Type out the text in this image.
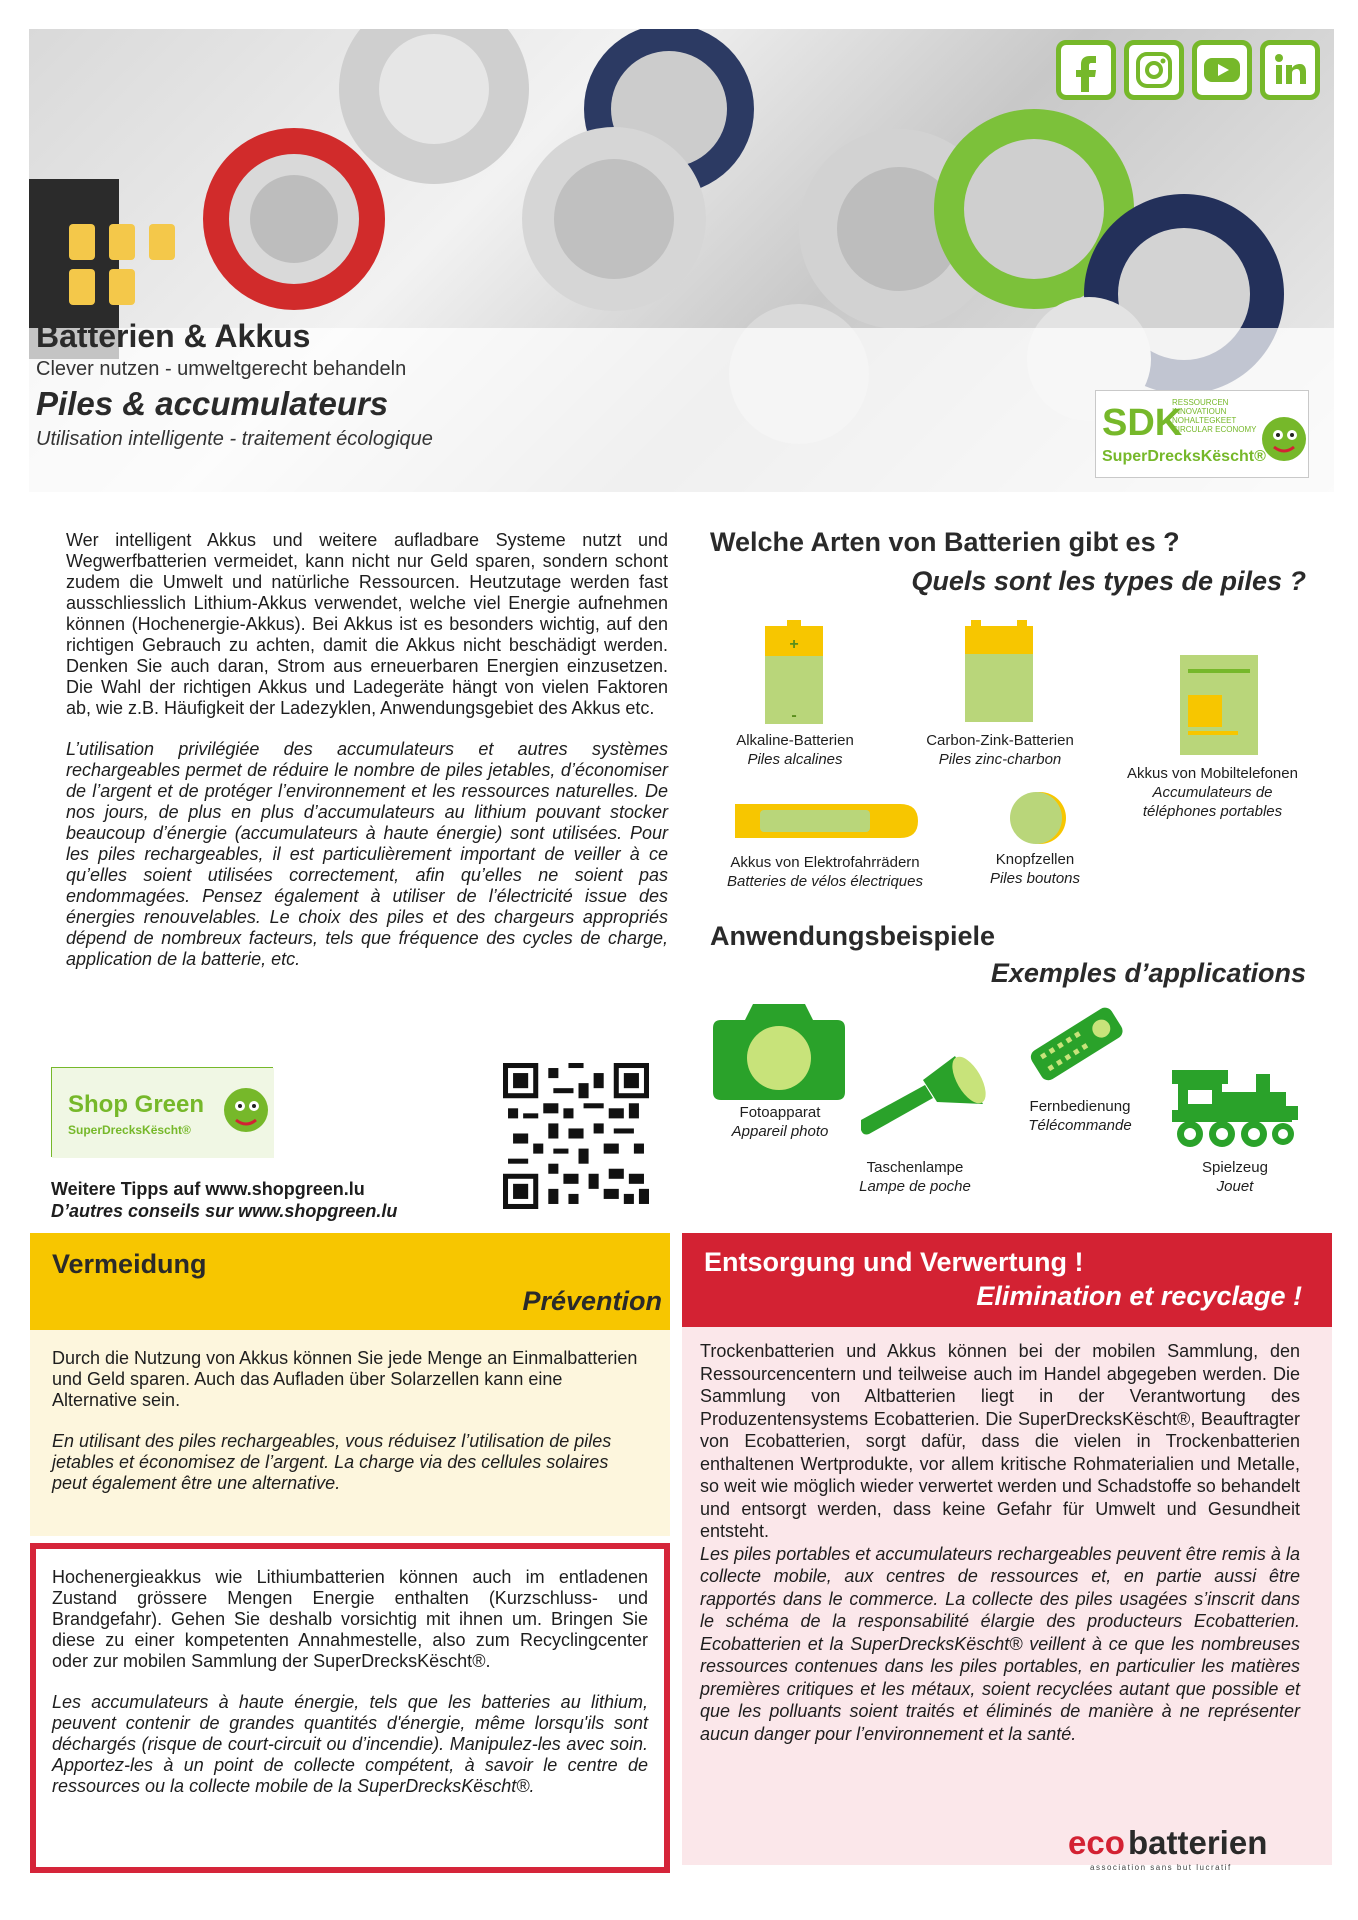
Batterien & Akkus
Clever nutzen - umweltgerecht behandeln
Piles & accumulateurs
Utilisation intelligente - traitement écologique	SDK
RESSOURCEN
INNOVATIOUN
NOHALTEGKEET
CIRCULAR ECONOMY
SuperDrecksKëscht®

Wer intelligent Akkus und weitere aufladbare Systeme nutzt und Wegwerfbatterien vermeidet, kann nicht nur Geld sparen, sondern schont zudem die Umwelt und natürliche Ressourcen. Heutzutage werden fast ausschliesslich Lithium-Akkus verwendet, welche viel Energie aufnehmen können (Hochenergie-Akkus). Bei Akkus ist es besonders wichtig, auf den richtigen Gebrauch zu achten, damit die Akkus nicht beschädigt werden. Denken Sie auch daran, Strom aus erneuerbaren Energien einzusetzen. Die Wahl der richtigen Akkus und Ladegeräte hängt von vielen Faktoren ab, wie z.B. Häufigkeit der Ladezyklen, Anwendungsgebiet des Akkus etc.

L’utilisation privilégiée des accumulateurs et autres systèmes rechargeables permet de réduire le nombre de piles jetables, d’économiser de l’argent et de protéger l’environnement et les ressources naturelles. De nos jours, de plus en plus d’accumulateurs au lithium pouvant stocker beaucoup d’énergie (accumulateurs à haute énergie) sont utilisées. Pour les piles rechargeables, il est particulièrement important de veiller à ce qu’elles soient utilisées correctement, afin qu’elles ne soient pas endommagées. Pensez également à utiliser de l’électricité issue des énergies renouvelables. Le choix des piles et des chargeurs appropriés dépend de nombreux facteurs, tels que fréquence des cycles de charge, application de la batterie, etc.

Shop Green
SuperDrecksKëscht®
Weitere Tipps auf www.shopgreen.lu
D’autres conseils sur www.shopgreen.lu
Welche Arten von Batterien gibt es ?
Quels sont les types de piles ?
+
-
Alkaline-Batterien
Piles alcalines
Carbon-Zink-Batterien
Piles zinc-charbon
Akkus von Mobiltelefonen
Accumulateurs de téléphones portables
Akkus von Elektrofahrrädern
Batteries de vélos électriques
Knopfzellen
Piles boutons
Anwendungsbeispiele
Exemples d’applications
Fotoapparat
Appareil photo
Taschenlampe
Lampe de poche
Fernbedienung
Télécommande
Spielzeug
Jouet
Vermeidung
Prévention

Durch die Nutzung von Akkus können Sie jede Menge an Einmalbatterien und Geld sparen. Auch das Aufladen über Solarzellen kann eine Alternative sein.

En utilisant des piles rechargeables, vous réduisez l’utilisation de piles jetables et économisez de l’argent. La charge via des cellules solaires peut également être une alternative.

Hochenergieakkus wie Lithiumbatterien können auch im entladenen Zustand grössere Mengen Energie enthalten (Kurzschluss- und Brandgefahr). Gehen Sie deshalb vorsichtig mit ihnen um. Bringen Sie diese zu einer kompetenten Annahmestelle, also zum Recyclingcenter oder zur mobilen Sammlung der SuperDrecksKëscht®.

Les accumulateurs à haute énergie, tels que les batteries au lithium, peuvent contenir de grandes quantités d'énergie, même lorsqu'ils sont déchargés (risque de court-circuit ou d’incendie). Manipulez-les avec soin. Apportez-les à un point de collecte compétent, à savoir le centre de ressources ou la collecte mobile de la SuperDrecksKëscht®.

Entsorgung und Verwertung !
Elimination et recyclage !

Trockenbatterien und Akkus können bei der mobilen Sammlung, den Ressourcencentern und teilweise auch im Handel abgegeben werden. Die Sammlung von Altbatterien liegt in der Verantwortung des Produzentensystems Ecobatterien. Die SuperDrecksKëscht®, Beauftragter von Ecobatterien, sorgt dafür, dass die vielen in Trockenbatterien enthaltenen Wertprodukte, vor allem kritische Rohmaterialien und Metalle, so weit wie möglich wieder verwertet werden und Schadstoffe so behandelt und entsorgt werden, dass keine Gefahr für Umwelt und Gesundheit entsteht.

Les piles portables et accumulateurs rechargeables peuvent être remis à la collecte mobile, aux centres de ressources et, en partie aussi être rapportés dans le commerce. La collecte des piles usagées s’inscrit dans le schéma de la responsabilité élargie des producteurs Ecobatterien. Ecobatterien et la SuperDrecksKëscht® veillent à ce que les nombreuses ressources contenues dans les piles portables, en particulier les matières premières critiques et les métaux, soient recyclées autant que possible et que les polluants soient traités et éliminés de manière à ne représenter aucun danger pour l’environnement et la santé.

eco batterien
association sans but lucratif
